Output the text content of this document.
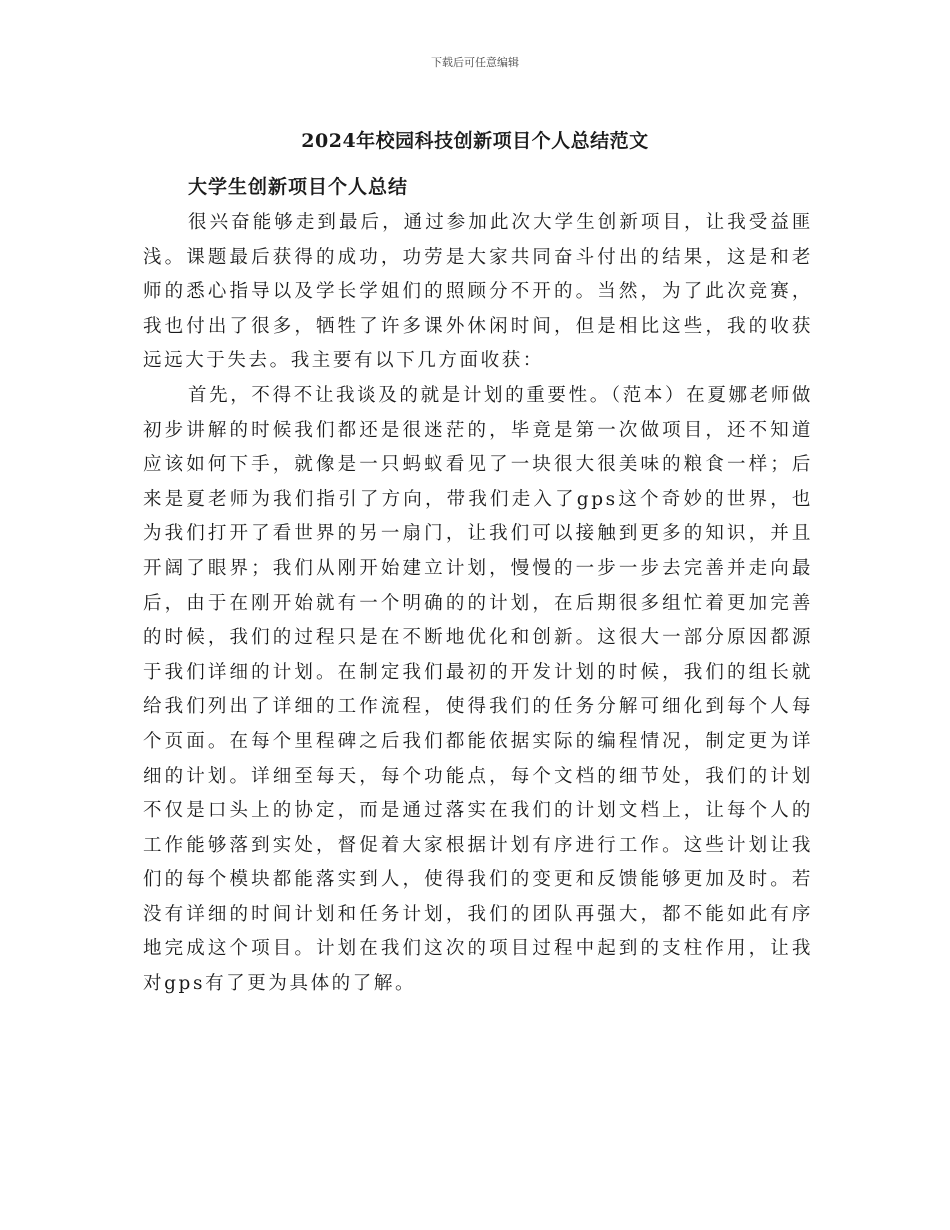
下载后可任意编辑
2024年校园科技创新项目个人总结范文
大学生创新项目个人总结

很兴奋能够走到最后，通过参加此次大学生创新项目，让我受益匪浅。课题最后获得的成功，功劳是大家共同奋斗付出的结果，这是和老师的悉心指导以及学长学姐们的照顾分不开的。当然，为了此次竞赛，我也付出了很多，牺牲了许多课外休闲时间，但是相比这些，我的收获远远大于失去。我主要有以下几方面收获：

首先，不得不让我谈及的就是计划的重要性。（范本）在夏娜老师做初步讲解的时候我们都还是很迷茫的，毕竟是第一次做项目，还不知道应该如何下手，就像是一只蚂蚁看见了一块很大很美味的粮食一样；后来是夏老师为我们指引了方向，带我们走入了gps这个奇妙的世界，也为我们打开了看世界的另一扇门，让我们可以接触到更多的知识，并且开阔了眼界；我们从刚开始建立计划，慢慢的一步一步去完善并走向最后，由于在刚开始就有一个明确的的计划，在后期很多组忙着更加完善的时候，我们的过程只是在不断地优化和创新。这很大一部分原因都源于我们详细的计划。在制定我们最初的开发计划的时候，我们的组长就给我们列出了详细的工作流程，使得我们的任务分解可细化到每个人每个页面。在每个里程碑之后我们都能依据实际的编程情况，制定更为详细的计划。详细至每天，每个功能点，每个文档的细节处，我们的计划不仅是口头上的协定，而是通过落实在我们的计划文档上，让每个人的工作能够落到实处，督促着大家根据计划有序进行工作。这些计划让我们的每个模块都能落实到人，使得我们的变更和反馈能够更加及时。若没有详细的时间计划和任务计划，我们的团队再强大，都不能如此有序地完成这个项目。计划在我们这次的项目过程中起到的支柱作用，让我对gps有了更为具体的了解。
